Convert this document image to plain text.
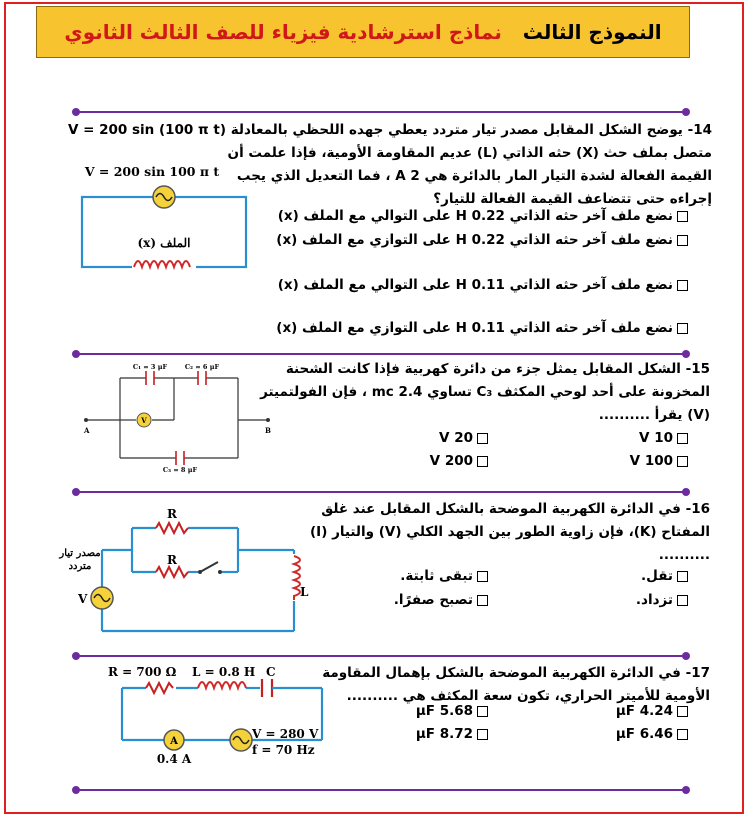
النموذج الثالث   نماذج استرشادية فيزياء للصف الثالث الثانوي
14- يوضح الشكل المقابل مصدر تيار متردد يعطي جهده اللحظي بالمعادلة (V = 200 sin (100 π t
متصل بملف حث (X) حثه الذاتي (L) عديم المقاومة الأومية، فإذا علمت أن
القيمة الفعالة لشدة التيار المار بالدائرة هي 2 A ، فما التعديل الذي يجب
إجراءه حتى تتضاعف القيمة الفعالة للتيار؟
نضع ملف آخر حثه الذاتي 0.22 H على التوالي مع الملف (x)
نضع ملف آخر حثه الذاتي 0.22 H على التوازي مع الملف (x)
نضع ملف آخر حثه الذاتي 0.11 H على التوالي مع الملف (x)
نضع ملف آخر حثه الذاتي 0.11 H على التوازي مع الملف (x)
V = 200 sin 100 π t
الملف (x)
15- الشكل المقابل يمثل جزء من دائرة كهربية فإذا كانت الشحنة
المخزونة على أحد لوحي المكثف C₃ تساوي 2.4 mc ، فإن الفولتميتر
(V) يقرأ ..........
10 V
20 V
100 V
200 V
V
A	B
C₁ = 3 μF	C₂ = 6 μF
C₃ = 8 μF
16- في الدائرة الكهربية الموضحة بالشكل المقابل عند غلق
المفتاح (K)، فإن زاوية الطور بين الجهد الكلي (V) والتيار (I)
..........
تقل.
تبقى ثابتة.
تزداد.
تصبح صفرًا.
R
R
L
V
مصدر تيار
متردد
17- في الدائرة الكهربية الموضحة بالشكل بإهمال المقاومة
الأومية للأميتر الحراري، تكون سعة المكثف هي ..........
4.24 μF
5.68 μF
6.46 μF
8.72 μF
R = 700 Ω L = 0.8 H C
A
0.4 A
V = 280 V
f = 70 Hz
